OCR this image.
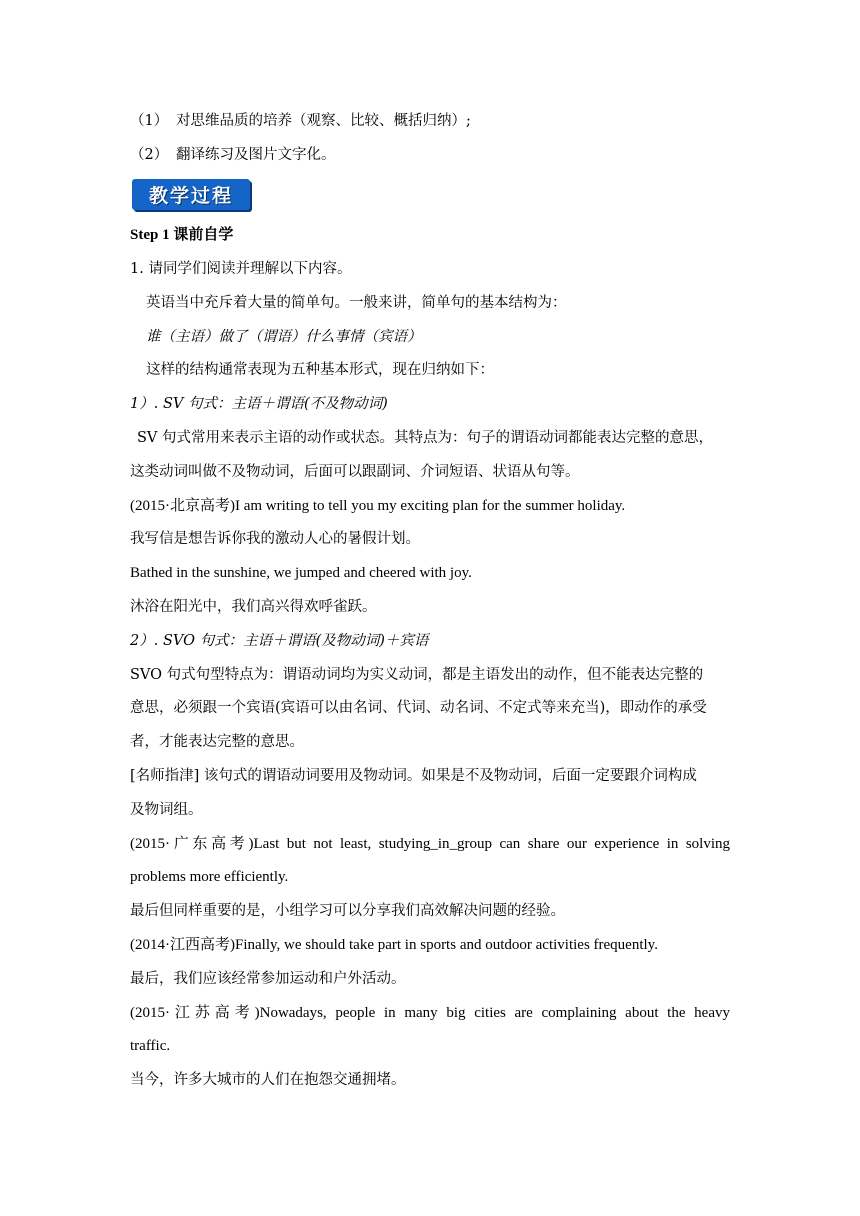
（1） 对思维品质的培养（观察、比较、概括归纳）;
（2） 翻译练习及图片文字化。
教学过程
Step 1 课前自学
1. 请同学们阅读并理解以下内容。
英语当中充斥着大量的简单句。一般来讲，简单句的基本结构为：
谁（主语）做了（谓语）什么事情（宾语）
这样的结构通常表现为五种基本形式，现在归纳如下：
1）. SV 句式：主语＋谓语(不及物动词)
SV 句式常用来表示主语的动作或状态。其特点为：句子的谓语动词都能表达完整的意思，
这类动词叫做不及物动词，后面可以跟副词、介词短语、状语从句等。
(2015·北京高考)I am writing to tell you my exciting plan for the summer holiday.
我写信是想告诉你我的激动人心的暑假计划。
Bathed in the sunshine, we jumped and cheered with joy.
沐浴在阳光中，我们高兴得欢呼雀跃。
2）. SVO 句式：主语＋谓语(及物动词)＋宾语
SVO 句式句型特点为：谓语动词均为实义动词，都是主语发出的动作，但不能表达完整的
意思，必须跟一个宾语(宾语可以由名词、代词、动名词、不定式等来充当)，即动作的承受
者，才能表达完整的意思。
[名师指津] 该句式的谓语动词要用及物动词。如果是不及物动词，后面一定要跟介词构成
及物词组。
(2015·广东高考)Last but not least, studying_in_group can share our experience in solving
problems more efficiently.
最后但同样重要的是，小组学习可以分享我们高效解决问题的经验。
(2014·江西高考)Finally, we should take part in sports and outdoor activities frequently.
最后，我们应该经常参加运动和户外活动。
(2015·江苏高考)Nowadays, people in many big cities are complaining about the heavy
traffic.
当今，许多大城市的人们在抱怨交通拥堵。
